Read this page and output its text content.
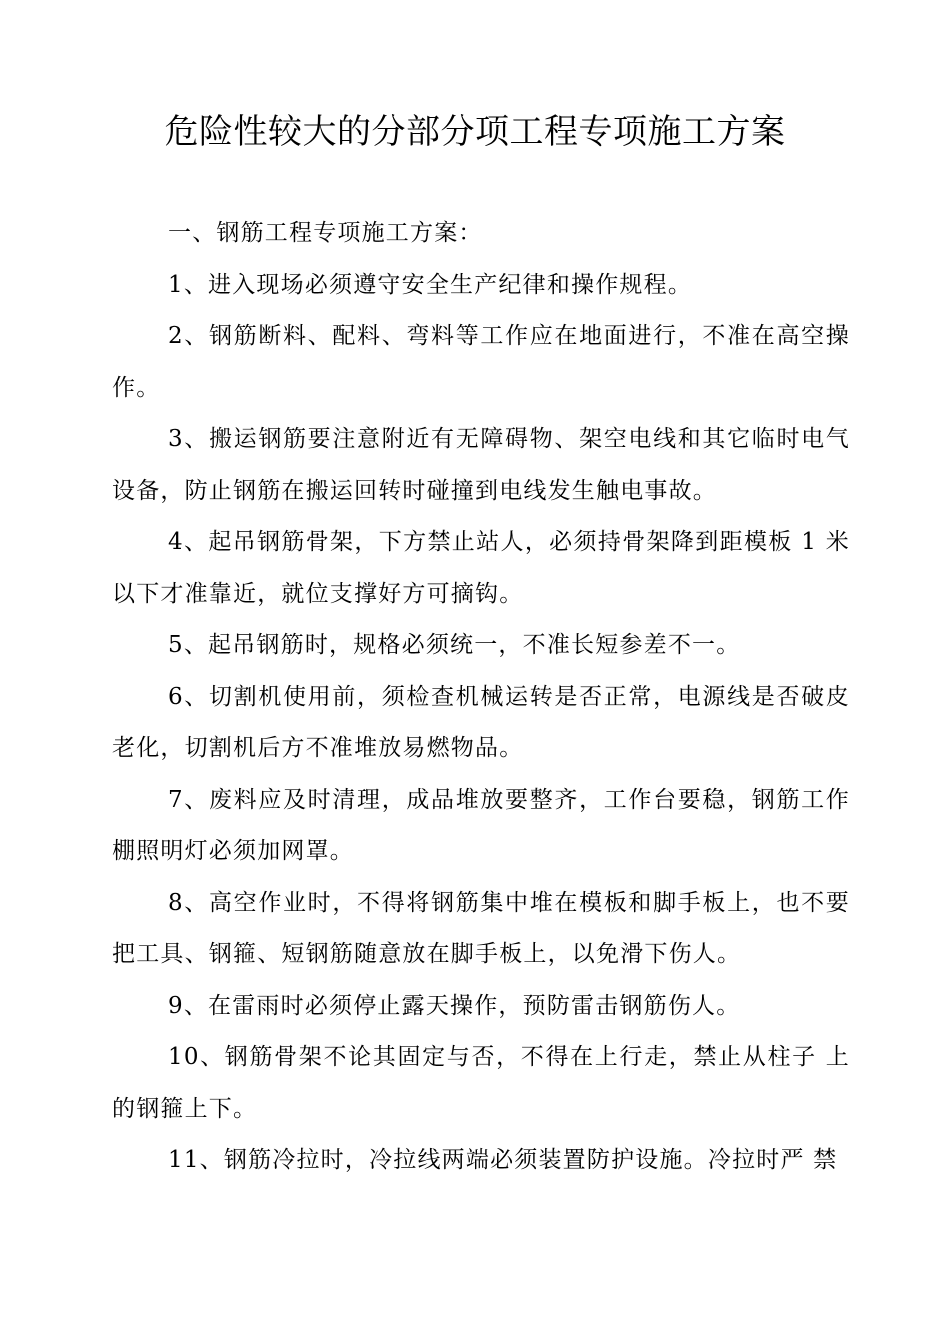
危险性较大的分部分项工程专项施工方案

一、钢筋工程专项施工方案：

1、进入现场必须遵守安全生产纪律和操作规程。

2、钢筋断料、配料、弯料等工作应在地面进行，不准在高空操作。

3、搬运钢筋要注意附近有无障碍物、架空电线和其它临时电气设备，防止钢筋在搬运回转时碰撞到电线发生触电事故。

4、起吊钢筋骨架，下方禁止站人，必须持骨架降到距模板 1 米以下才准靠近，就位支撑好方可摘钩。

5、起吊钢筋时，规格必须统一，不准长短参差不一。

6、切割机使用前，须检查机械运转是否正常，电源线是否破皮老化，切割机后方不准堆放易燃物品。

7、废料应及时清理，成品堆放要整齐，工作台要稳，钢筋工作棚照明灯必须加网罩。

8、高空作业时，不得将钢筋集中堆在模板和脚手板上，也不要把工具、钢箍、短钢筋随意放在脚手板上，以免滑下伤人。

9、在雷雨时必须停止露天操作，预防雷击钢筋伤人。

10、钢筋骨架不论其固定与否，不得在上行走，禁止从柱子 上的钢箍上下。

11、钢筋冷拉时，冷拉线两端必须装置防护设施。冷拉时严 禁
